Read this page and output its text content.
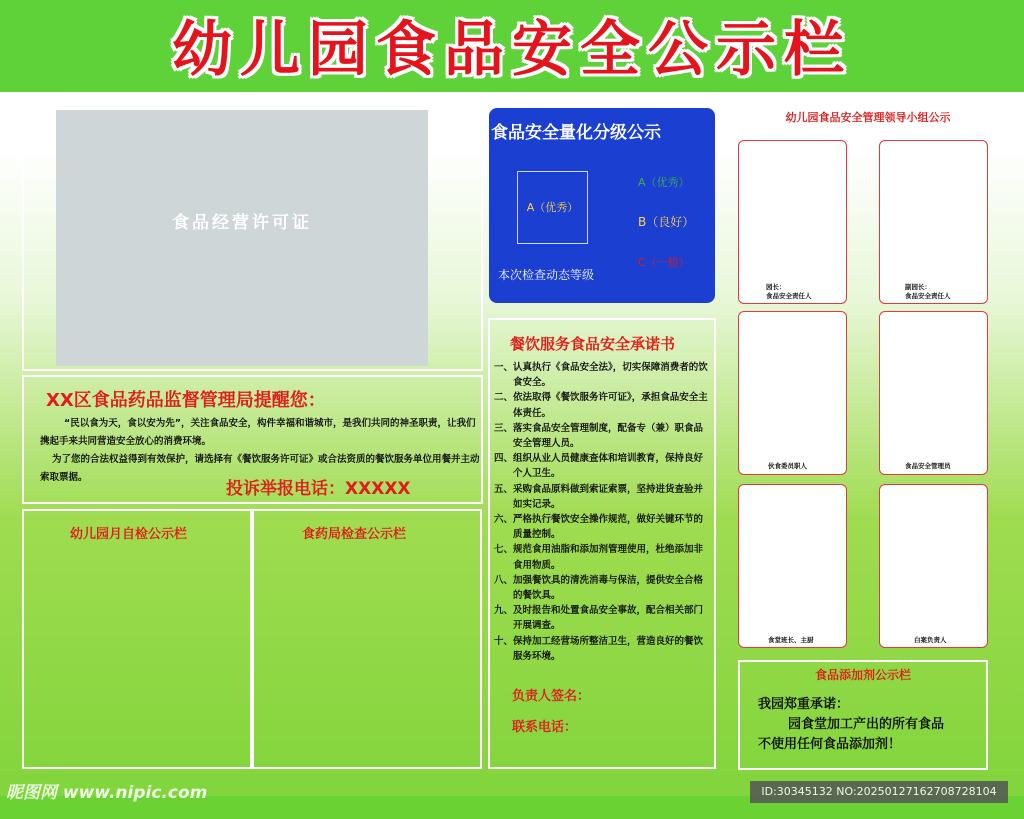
幼儿园食品安全公示栏
食品经营许可证
XX区食品药品监督管理局提醒您：
“民以食为天，食以安为先”，关注食品安全，构件幸福和谐城市，是我们共同的神圣职责，让我们携起手来共同营造安全放心的消费环境。
为了您的合法权益得到有效保护，请选择有《餐饮服务许可证》或合法资质的餐饮服务单位用餐并主动索取票据。
投诉举报电话：XXXXX
幼儿园月自检公示栏	食药局检查公示栏
食品安全量化分级公示
A（优秀）
A（优秀）
B（良好）
C（一般）
本次检查动态等级
餐饮服务食品安全承诺书
一、 认真执行《食品安全法》，切实保障消费者的饮食安全。
二、 依法取得《餐饮服务许可证》，承担食品安全主体责任。
三、 落实食品安全管理制度，配备专（兼）职食品安全管理人员。
四、 组织从业人员健康查体和培训教育，保持良好个人卫生。
五、 采购食品原料做到索证索票，坚持进货查验并如实记录。
六、 严格执行餐饮安全操作规范，做好关键环节的质量控制。
七、 规范食用油脂和添加剂管理使用，杜绝添加非食用物质。
八、 加强餐饮具的清洗消毒与保洁，提供安全合格的餐饮具。
九、 及时报告和处置食品安全事故，配合相关部门开展调查。
十、 保持加工经营场所整洁卫生，营造良好的餐饮服务环境。
负责人签名：
联系电话：
幼儿园食品安全管理领导小组公示
园长：
食品安全责任人
副园长：
食品安全责任人
伙食委员职人	食品安全管理员
食堂班长、主厨	白案负责人
食品添加剂公示栏
我园郑重承诺：
园食堂加工产出的所有食品
不使用任何食品添加剂！
昵图网 www.nipic.com	ID:30345132 NO:20250127162708728104
